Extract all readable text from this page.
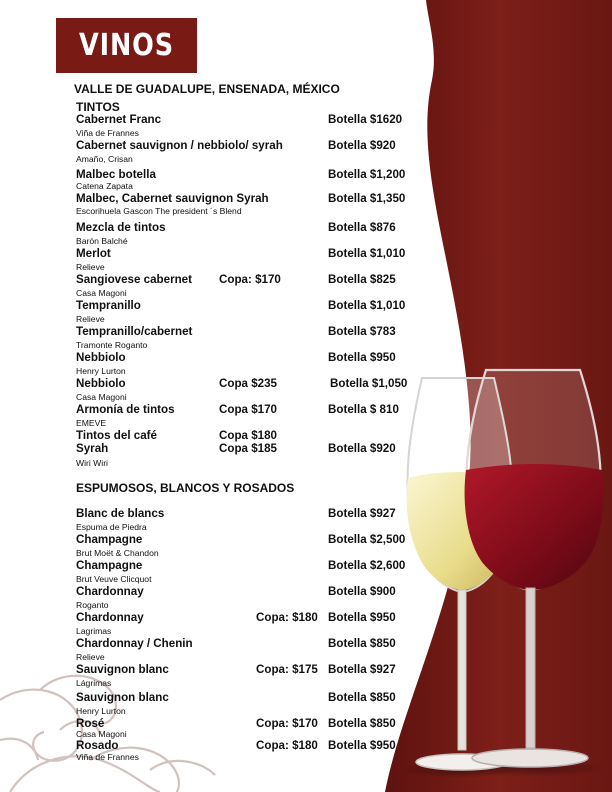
VINOS
VALLE DE GUADALUPE, ENSENADA, MÉXICO
TINTOS
Cabernet Franc
Viña de Frannes
Botella $1620
Cabernet sauvignon / nebbiolo/ syrah
Amaño, Crisan
Botella $920
Malbec botella
Catena Zapata
Botella $1,200
Malbec, Cabernet sauvignon Syrah
Escorihuela Gascon The president ´s Blend
Botella $1,350
Mezcla de tintos
Barón Balché
Botella $876
Merlot
Relieve
Botella $1,010
Sangiovese cabernet
Casa Magoni
Copa: $170	Botella $825
Tempranillo
Relieve
Botella $1,010
Tempranillo/cabernet
Tramonte Roganto
Botella $783
Nebbiolo
Henry Lurton
Botella $950
Nebbiolo
Casa Magoni
Copa $235	Botella $1,050
Armonía de tintos
EMEVE
Copa $170	Botella $ 810
Tintos del café	Copa $180
Syrah
Wiri Wiri
Copa $185	Botella $920
ESPUMOSOS, BLANCOS Y ROSADOS
Blanc de blancs
Espuma de Piedra
Botella $927
Champagne
Brut Moët & Chandon
Botella $2,500
Champagne
Brut Veuve Clicquot
Botella $2,600
Chardonnay
Roganto
Botella $900
Chardonnay
Lagrimas
Copa: $180 Botella $950
Chardonnay / Chenin
Relieve
Botella $850
Sauvignon blanc
Lágrimas
Copa: $175 Botella $927
Sauvignon blanc
Henry Lurton
Botella $850
Rosé
Casa Magoni
Copa: $170 Botella $850
Rosado
Viña de Frannes
Copa: $180 Botella $950
